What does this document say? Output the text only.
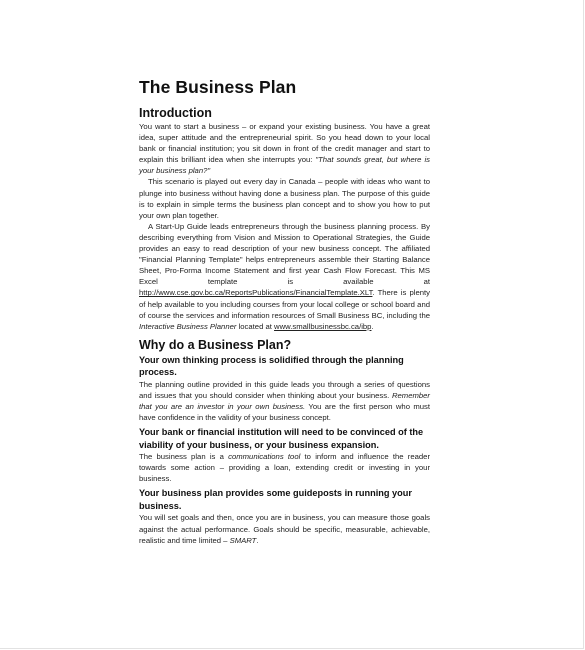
The Business Plan
Introduction

You want to start a business – or expand your existing business. You have a great idea, super attitude and the entrepreneurial spirit. So you head down to your local bank or financial institution; you sit down in front of the credit manager and start to explain this brilliant idea when she interrupts you: "That sounds great, but where is your business plan?"

This scenario is played out every day in Canada – people with ideas who want to plunge into business without having done a business plan. The purpose of this guide is to explain in simple terms the business plan concept and to show you how to put your own plan together.

A Start-Up Guide leads entrepreneurs through the business planning process. By describing everything from Vision and Mission to Operational Strategies, the Guide provides an easy to read description of your new business concept. The affiliated "Financial Planning Template" helps entrepreneurs assemble their Starting Balance Sheet, Pro-Forma Income Statement and first year Cash Flow Forecast. This MS Excel template is available at http://www.cse.gov.bc.ca/ReportsPublications/FinancialTemplate.XLT. There is plenty of help available to you including courses from your local college or school board and of course the services and information resources of Small Business BC, including the Interactive Business Planner located at www.smallbusinessbc.ca/ibp.

Why do a Business Plan?
Your own thinking process is solidified through the planning process.

The planning outline provided in this guide leads you through a series of questions and issues that you should consider when thinking about your business. Remember that you are an investor in your own business. You are the first person who must have confidence in the validity of your business concept.

Your bank or financial institution will need to be convinced of the viability of your business, or your business expansion.

The business plan is a communications tool to inform and influence the reader towards some action – providing a loan, extending credit or investing in your business.

Your business plan provides some guideposts in running your business.

You will set goals and then, once you are in business, you can measure those goals against the actual performance. Goals should be specific, measurable, achievable, realistic and time limited – SMART.
